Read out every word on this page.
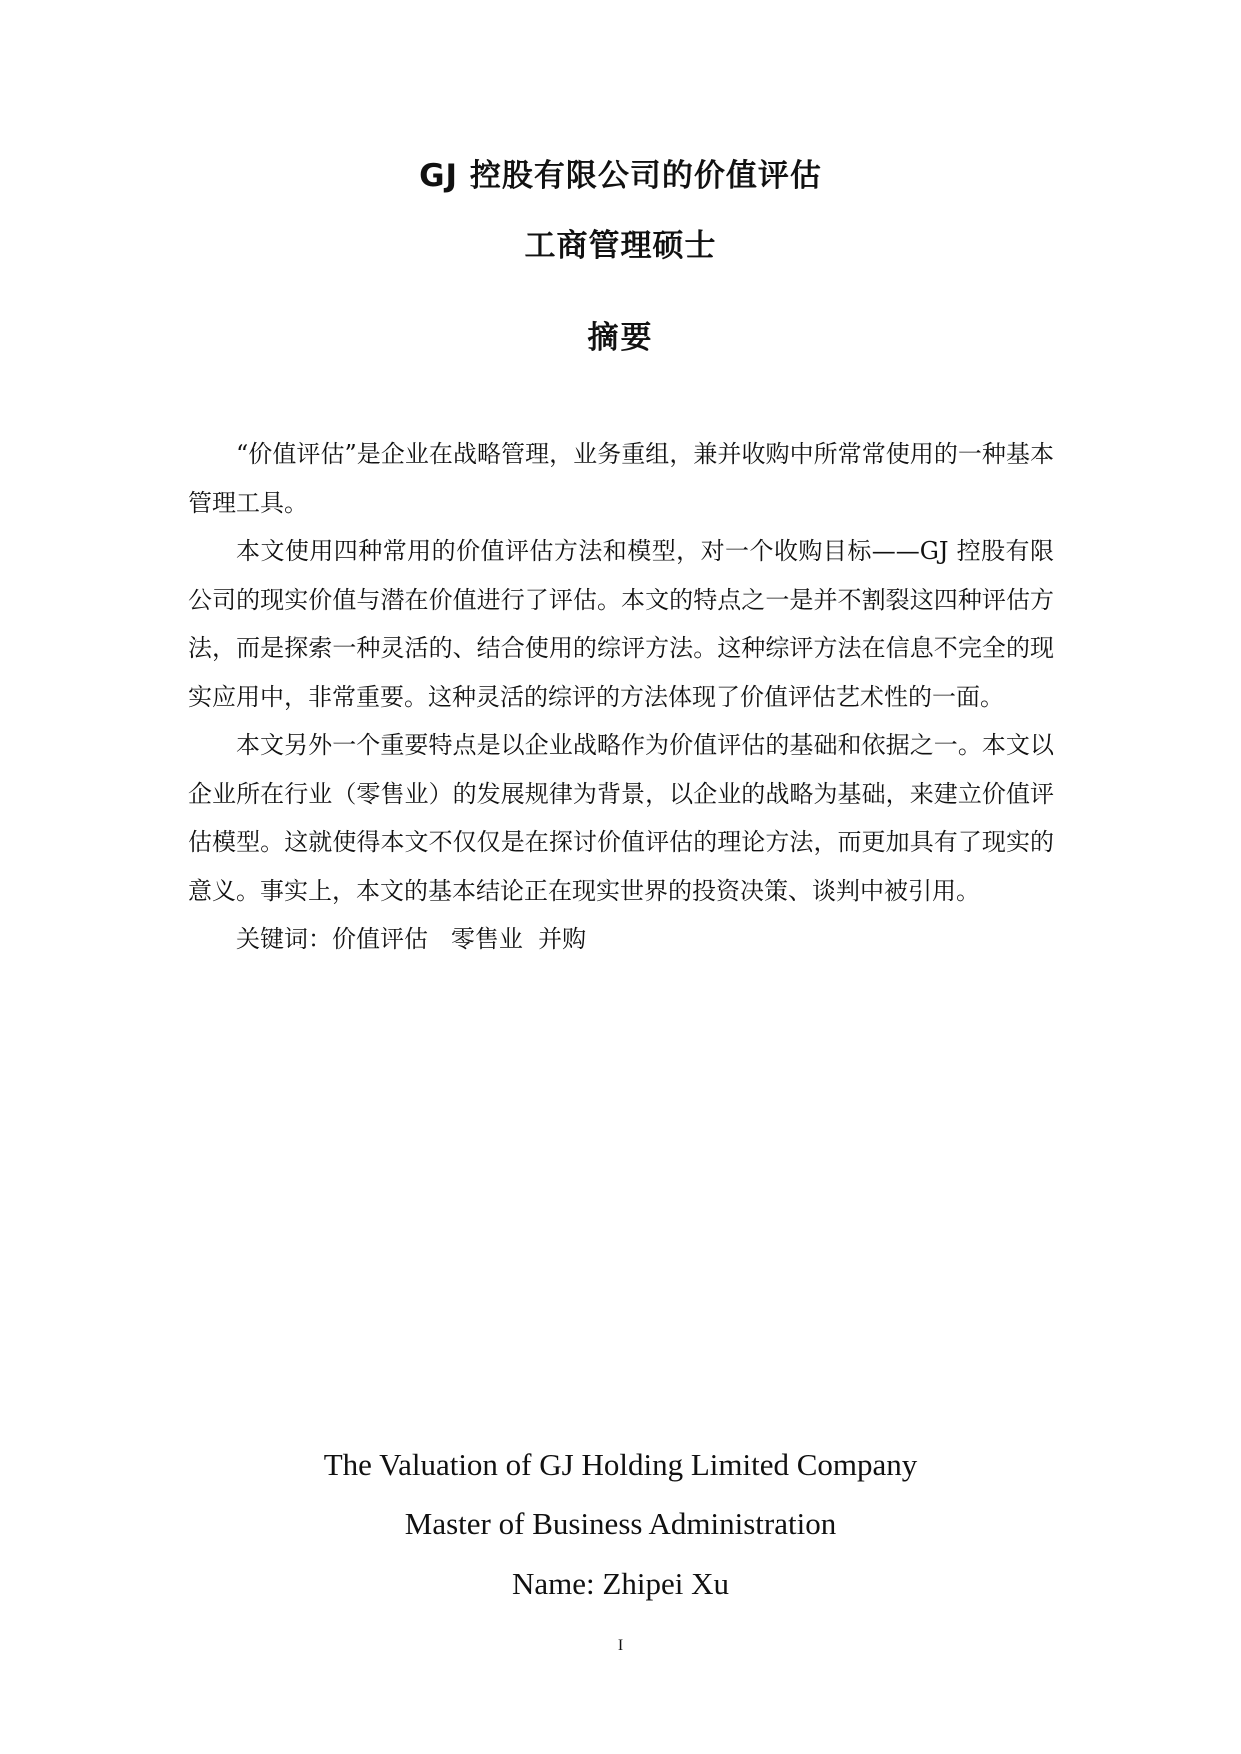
GJ 控股有限公司的价值评估
工商管理硕士
摘要

“价值评估”是企业在战略管理，业务重组，兼并收购中所常常使用的一种基本管理工具。

本文使用四种常用的价值评估方法和模型，对一个收购目标——GJ 控股有限公司的现实价值与潜在价值进行了评估。本文的特点之一是并不割裂这四种评估方法，而是探索一种灵活的、结合使用的综评方法。这种综评方法在信息不完全的现实应用中，非常重要。这种灵活的综评的方法体现了价值评估艺术性的一面。

本文另外一个重要特点是以企业战略作为价值评估的基础和依据之一。本文以企业所在行业（零售业）的发展规律为背景，以企业的战略为基础，来建立价值评估模型。这就使得本文不仅仅是在探讨价值评估的理论方法，而更加具有了现实的意义。事实上，本文的基本结论正在现实世界的投资决策、谈判中被引用。

关键词：价值评估   零售业  并购

The Valuation of GJ Holding Limited Company
Master of Business Administration
Name: Zhipei Xu
I
